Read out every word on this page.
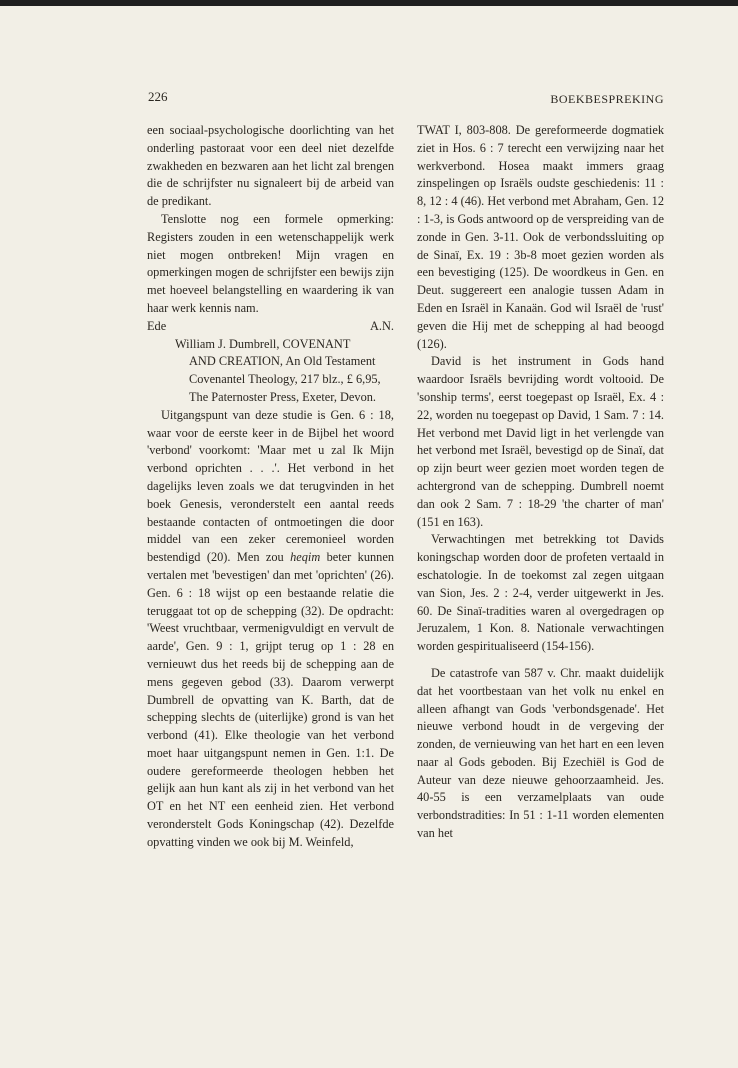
226	BOEKBESPREKING

een sociaal-psychologische doorlichting van het onderling pastoraat voor een deel niet dezelfde zwakheden en bezwaren aan het licht zal brengen die de schrijfster nu signaleert bij de arbeid van de predikant.

Tenslotte nog een formele opmerking: Registers zouden in een wetenschappelijk werk niet mogen ontbreken! Mijn vragen en opmerkingen mogen de schrijfster een bewijs zijn met hoeveel belangstelling en waardering ik van haar werk kennis nam.

Ede	A.N.

William J. Dumbrell, COVENANT
AND CREATION, An Old Testament Covenantel Theology, 217 blz., £ 6,95, The Paternoster Press, Exeter, Devon.

Uitgangspunt van deze studie is Gen. 6 : 18, waar voor de eerste keer in de Bijbel het woord 'verbond' voorkomt: 'Maar met u zal Ik Mijn verbond oprichten . . .'. Het verbond in het dagelijks leven zoals we dat terugvinden in het boek Genesis, veronderstelt een aantal reeds bestaande contacten of ontmoetingen die door middel van een zeker ceremonieel worden bestendigd (20). Men zou heqim beter kunnen vertalen met 'bevestigen' dan met 'oprichten' (26). Gen. 6 : 18 wijst op een bestaande relatie die teruggaat tot op de schepping (32). De opdracht: 'Weest vruchtbaar, vermenigvuldigt en vervult de aarde', Gen. 9 : 1, grijpt terug op 1 : 28 en vernieuwt dus het reeds bij de schepping aan de mens gegeven gebod (33). Daarom verwerpt Dumbrell de opvatting van K. Barth, dat de schepping slechts de (uiterlijke) grond is van het verbond (41). Elke theologie van het verbond moet haar uitgangspunt nemen in Gen. 1:1. De oudere gereformeerde theologen hebben het gelijk aan hun kant als zij in het verbond van het OT en het NT een eenheid zien. Het verbond veronderstelt Gods Koningschap (42). Dezelfde opvatting vinden we ook bij M. Weinfeld,

TWAT I, 803-808. De gereformeerde dogmatiek ziet in Hos. 6 : 7 terecht een verwijzing naar het werkverbond. Hosea maakt immers graag zinspelingen op Israëls oudste geschiedenis: 11 : 8, 12 : 4 (46). Het verbond met Abraham, Gen. 12 : 1-3, is Gods antwoord op de verspreiding van de zonde in Gen. 3-11. Ook de verbondssluiting op de Sinaï, Ex. 19 : 3b-8 moet gezien worden als een bevestiging (125). De woordkeus in Gen. en Deut. suggereert een analogie tussen Adam in Eden en Israël in Kanaän. God wil Israël de 'rust' geven die Hij met de schepping al had beoogd (126).

David is het instrument in Gods hand waardoor Israëls bevrijding wordt voltooid. De 'sonship terms', eerst toegepast op Israël, Ex. 4 : 22, worden nu toegepast op David, 1 Sam. 7 : 14. Het verbond met David ligt in het verlengde van het verbond met Israël, bevestigd op de Sinaï, dat op zijn beurt weer gezien moet worden tegen de achtergrond van de schepping. Dumbrell noemt dan ook 2 Sam. 7 : 18-29 'the charter of man' (151 en 163).

Verwachtingen met betrekking tot Davids koningschap worden door de profeten vertaald in eschatologie. In de toekomst zal zegen uitgaan van Sion, Jes. 2 : 2-4, verder uitgewerkt in Jes. 60. De Sinaï-tradities waren al overgedragen op Jeruzalem, 1 Kon. 8. Nationale verwachtingen worden gespiritualiseerd (154-156).

De catastrofe van 587 v. Chr. maakt duidelijk dat het voortbestaan van het volk nu enkel en alleen afhangt van Gods 'verbondsgenade'. Het nieuwe verbond houdt in de vergeving der zonden, de vernieuwing van het hart en een leven naar al Gods geboden. Bij Ezechiël is God de Auteur van deze nieuwe gehoorzaamheid. Jes. 40-55 is een verzamelplaats van oude verbondstradities: In 51 : 1-11 worden elementen van het
